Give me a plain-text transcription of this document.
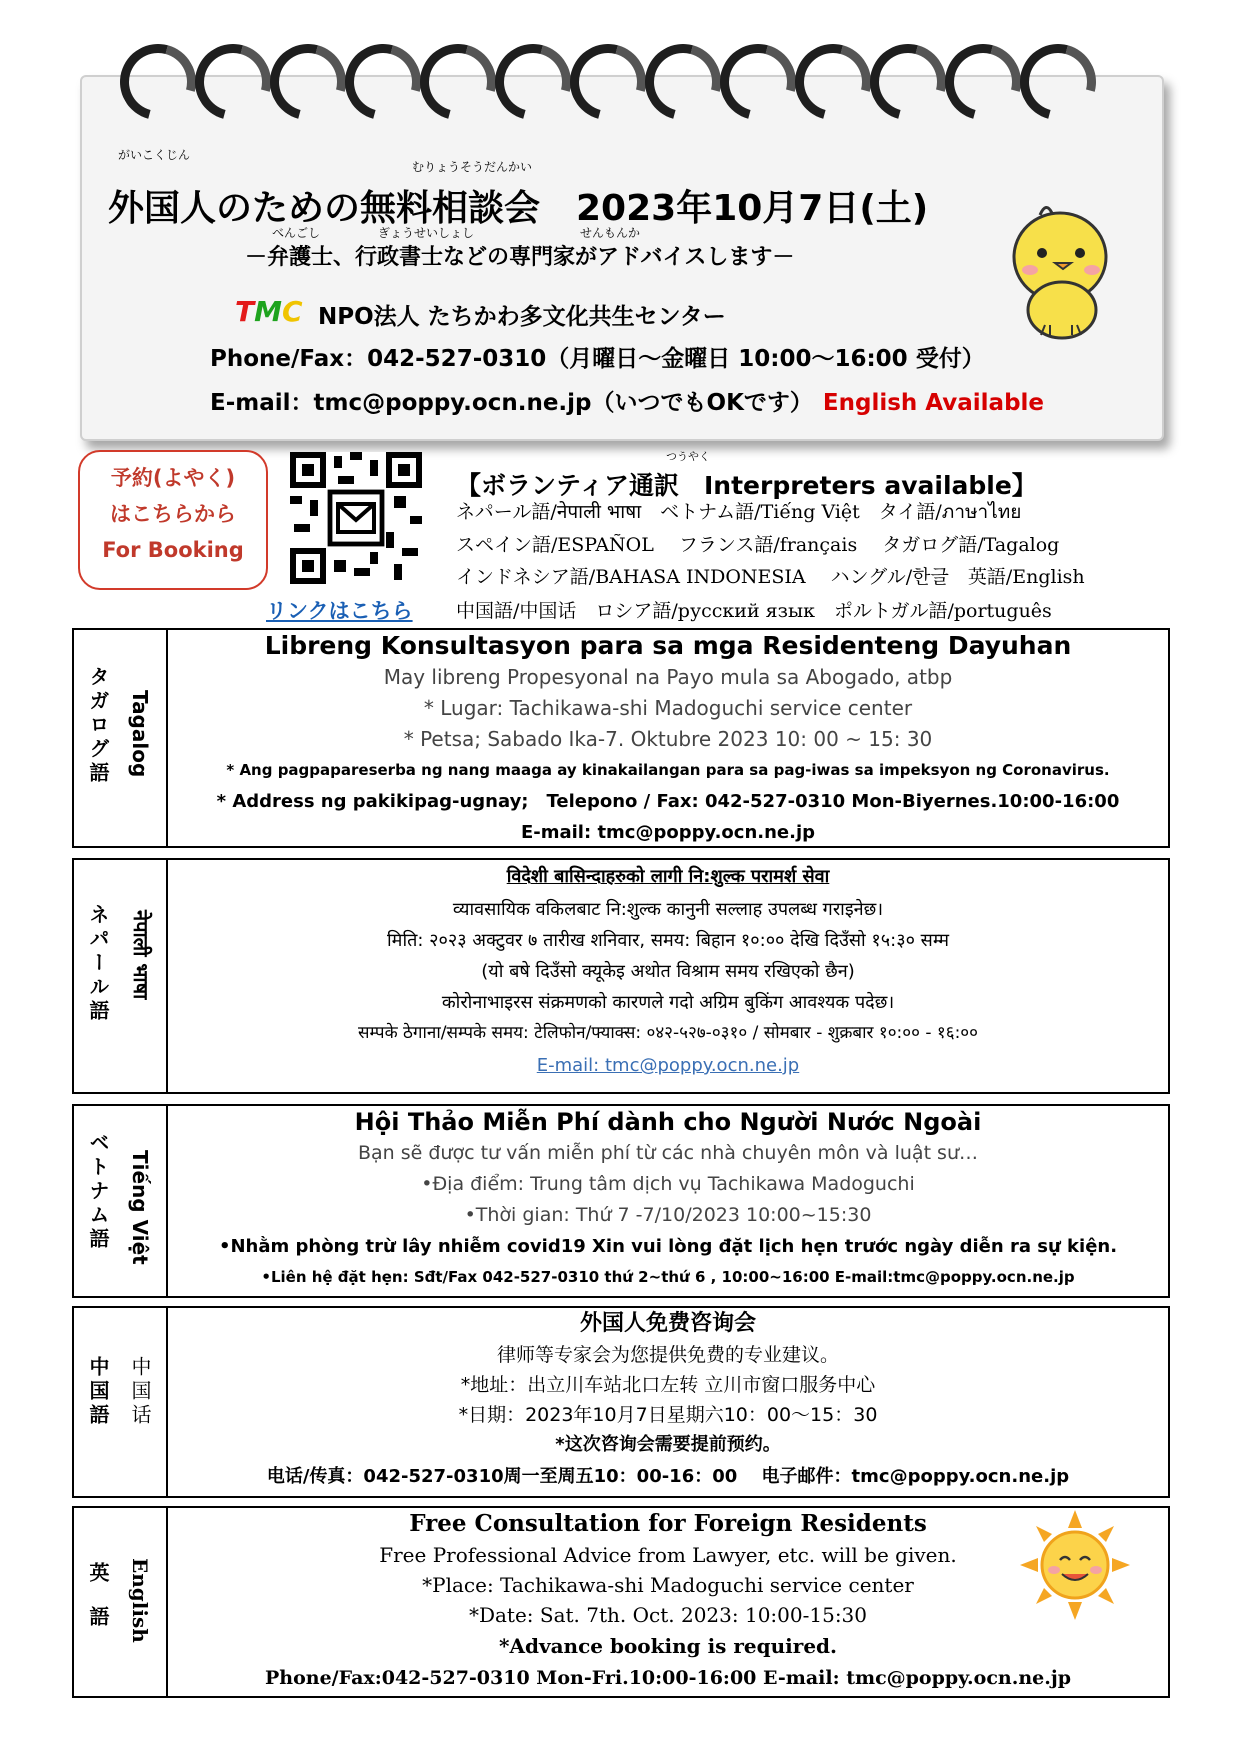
がいこくじん
むりょうそうだんかい
外国人のための無料相談会　2023年10月7日(土)
べんごし	ぎょうせいしょし	せんもんか
－弁護士、行政書士などの専門家がアドバイスします－
TMC NPO法人 たちかわ多文化共生センター
Phone/Fax：042-527-0310（月曜日～金曜日 10:00～16:00 受付）
E-mail：tmc@poppy.ocn.ne.jp（いつでもOKです） English Available
予約(よやく)
はこちらから
For Booking
リンクはこちら
つうやく
【ボランティア通訳　Interpreters available】
ネパール語/नेपाली भाषा　ベトナム語/Tiếng Việt　タイ語/ภาษาไทย
スペイン語/ESPAÑOL　 フランス語/français　 タガログ語/Tagalog
インドネシア語/BAHASA INDONESIA　 ハングル/한글　英語/English
中国語/中国话　ロシア語/русский язык　ポルトガル語/português
タガログ語 Tagalog

Libreng Konsultasyon para sa mga Residenteng Dayuhan

May libreng Propesyonal na Payo mula sa Abogado, atbp

* Lugar: Tachikawa-shi Madoguchi service center

* Petsa; Sabado Ika-7. Oktubre 2023 10: 00 ~ 15: 30

* Ang pagpapareserba ng nang maaga ay kinakailangan para sa pag-iwas sa impeksyon ng Coronavirus.

* Address ng pakikipag-ugnay;　Telepono / Fax: 042-527-0310 Mon-Biyernes.10:00-16:00

E-mail: tmc@poppy.ocn.ne.jp

ネパール語 नेपाली भाषा

विदेशी बासिन्दाहरुको लागी नि:शुल्क परामर्श सेवा

व्यावसायिक वकिलबाट नि:शुल्क कानुनी सल्लाह उपलब्ध गराइनेछ।

मिति: २०२३ अक्टुवर ७ तारीख शनिवार, समय: बिहान १०:०० देखि दिउँसो १५:३० सम्म

(यो बषे दिउँसो क्यूकेइ अथोत विश्राम समय रखिएको छैन)

कोरोनाभाइरस संक्रमणको कारणले गदो अग्रिम बुकिंग आवश्यक पदेछ।

सम्पके ठेगाना/सम्पके समय: टेलिफोन/फ्याक्स: ०४२-५२७-०३१० / सोमबार - शुक्रबार १०:०० - १६:००

E-mail: tmc@poppy.ocn.ne.jp

ベトナム語 Tiếng Việt

Hội Thảo Miễn Phí dành cho Người Nước Ngoài

Bạn sẽ được tư vấn miễn phí từ các nhà chuyên môn và luật sư…

•Địa điểm: Trung tâm dịch vụ Tachikawa Madoguchi

•Thời gian: Thứ 7 -7/10/2023 10:00~15:30

•Nhằm phòng trừ lây nhiễm covid19 Xin vui lòng đặt lịch hẹn trước ngày diễn ra sự kiện.

•Liên hệ đặt hẹn: Sđt/Fax 042-527-0310 thứ 2~thứ 6 , 10:00~16:00 E-mail:tmc@poppy.ocn.ne.jp

中国語 中国话

外国人免费咨询会

律师等专家会为您提供免费的专业建议。

*地址：出立川车站北口左转 立川市窗口服务中心

*日期：2023年10月7日星期六10：00～15：30

*这次咨询会需要提前预约。

电话/传真：042-527-0310周一至周五10：00-16：00　 电子邮件：tmc@poppy.ocn.ne.jp

英語 English

Free Consultation for Foreign Residents

Free Professional Advice from Lawyer, etc. will be given.

*Place: Tachikawa-shi Madoguchi service center

*Date: Sat. 7th. Oct. 2023: 10:00-15:30

*Advance booking is required.

Phone/Fax:042-527-0310 Mon-Fri.10:00-16:00 E-mail: tmc@poppy.ocn.ne.jp
